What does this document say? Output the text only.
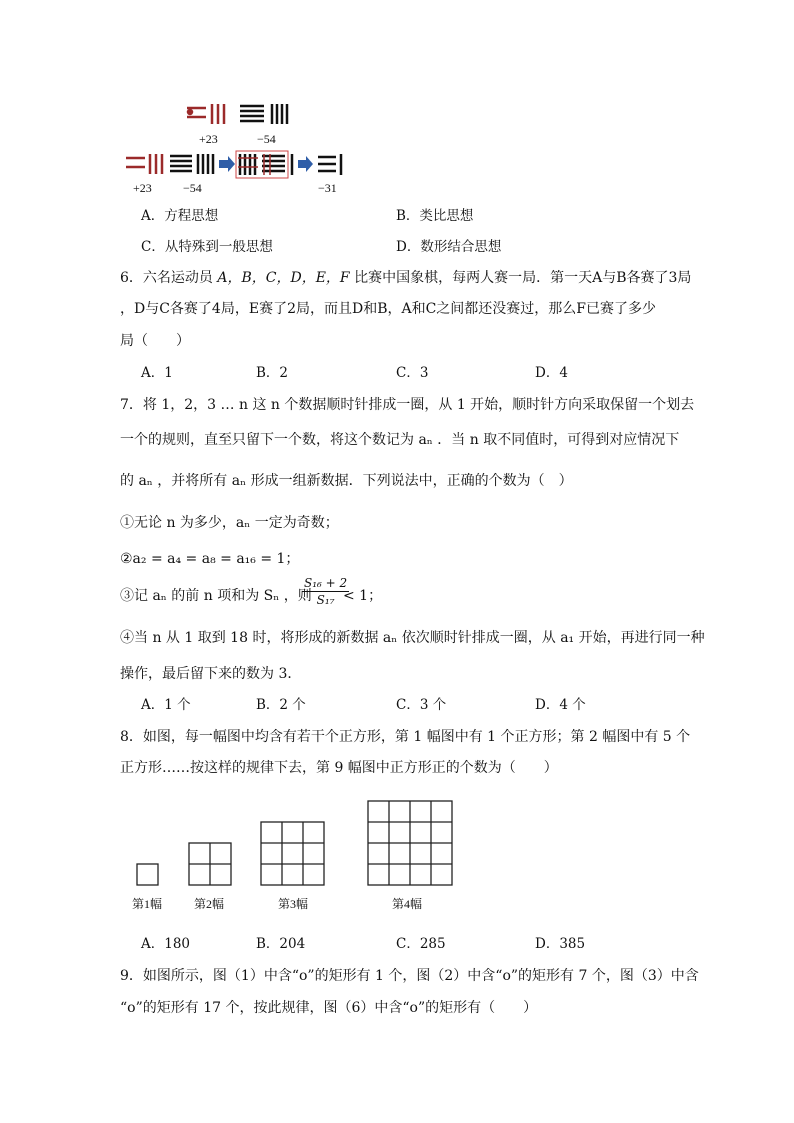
+23	−54
+23	−54	−31
A．方程思想	B．类比思想
C．从特殊到一般思想	D．数形结合思想
6．六名运动员 A，B，C，D，E，F 比赛中国象棋，每两人赛一局．第一天A与B各赛了3局
，D与C各赛了4局，E赛了2局，而且D和B，A和C之间都还没赛过，那么F已赛了多少
局（　　）
A．1	B．2	C．3	D．4
7．将 1，2，3 … n 这 n 个数据顺时针排成一圈，从 1 开始，顺时针方向采取保留一个划去
一个的规则，直至只留下一个数，将这个数记为 aₙ ．当 n 取不同值时，可得到对应情况下
的 aₙ ，并将所有 aₙ 形成一组新数据．下列说法中，正确的个数为（　）
①无论 n 为多少，aₙ 一定为奇数；
②a₂ = a₄ = a₈ = a₁₆ = 1；
③记 aₙ 的前 n 项和为 Sₙ ，则
S₁₆ + 2
S₁₇ < 1；
④当 n 从 1 取到 18 时，将形成的新数据 aₙ 依次顺时针排成一圈，从 a₁ 开始，再进行同一种
操作，最后留下来的数为 3．
A．1 个	B．2 个	C．3 个	D．4 个
8．如图，每一幅图中均含有若干个正方形，第 1 幅图中有 1 个正方形；第 2 幅图中有 5 个
正方形……按这样的规律下去，第 9 幅图中正方形正的个数为（　　）
第1幅	第2幅	第3幅	第4幅
A．180	B．204	C．285	D．385
9．如图所示，图（1）中含“o”的矩形有 1 个，图（2）中含“o”的矩形有 7 个，图（3）中含
“o”的矩形有 17 个，按此规律，图（6）中含“o”的矩形有（　　）
